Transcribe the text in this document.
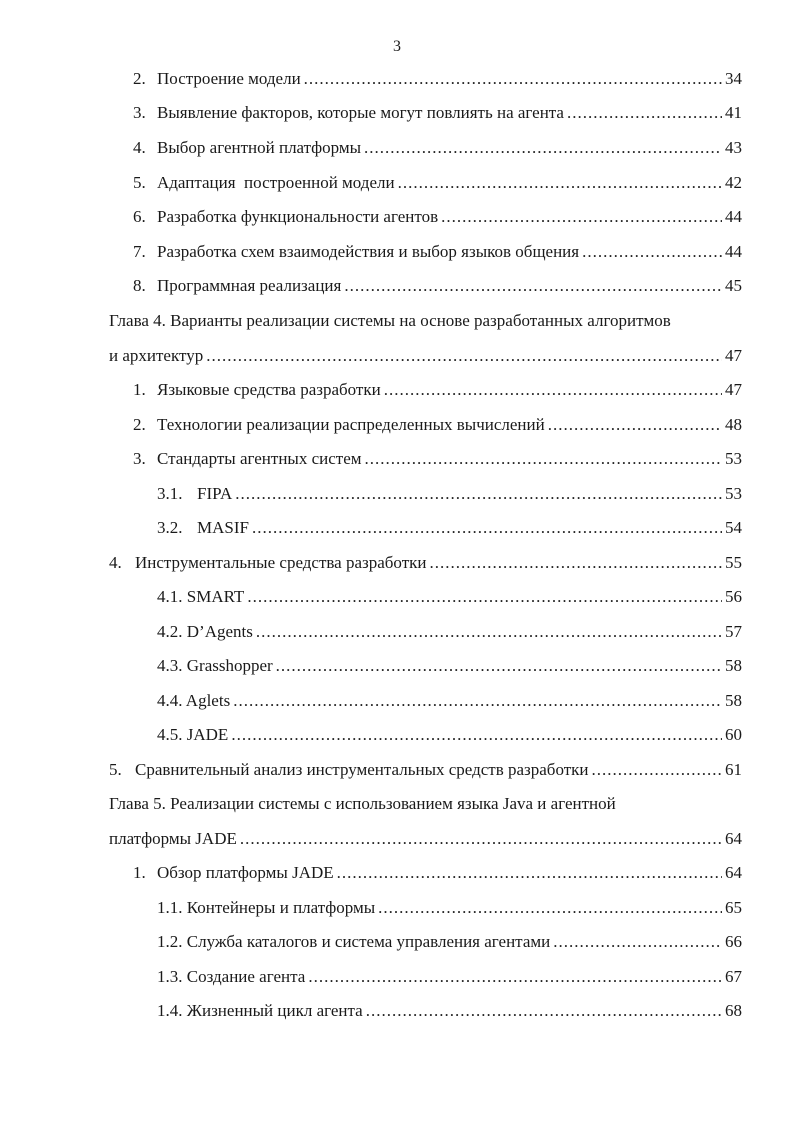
3
2. Построение модели .....	34
3. Выявление факторов, которые могут повлиять на агента .....	41
4. Выбор агентной платформы .....	43
5. Адаптация  построенной модели .....	42
6. Разработка функциональности агентов .....	44
7. Разработка схем взаимодействия и выбор языков общения .....	44
8. Программная реализация .....	45
Глава 4. Варианты реализации системы на основе разработанных алгоритмов
и архитектур .....	47
1. Языковые средства разработки .....	47
2. Технологии реализации распределенных вычислений .....	48
3. Стандарты агентных систем .....	53
3.1. FIPA .....	53
3.2. MASIF .....	54
4. Инструментальные средства разработки .....	55
4.1. SMART .....	56
4.2. D’Agents .....	57
4.3. Grasshopper .....	58
4.4. Aglets .....	58
4.5. JADE .....	60
5. Сравнительный анализ инструментальных средств разработки .....	61
Глава 5. Реализации системы с использованием языка Java и агентной
платформы JADE .....	64
1. Обзор платформы JADE .....	64
1.1. Контейнеры и платформы .....	65
1.2. Служба каталогов и система управления агентами .....	66
1.3. Создание агента .....	67
1.4. Жизненный цикл агента .....	68
